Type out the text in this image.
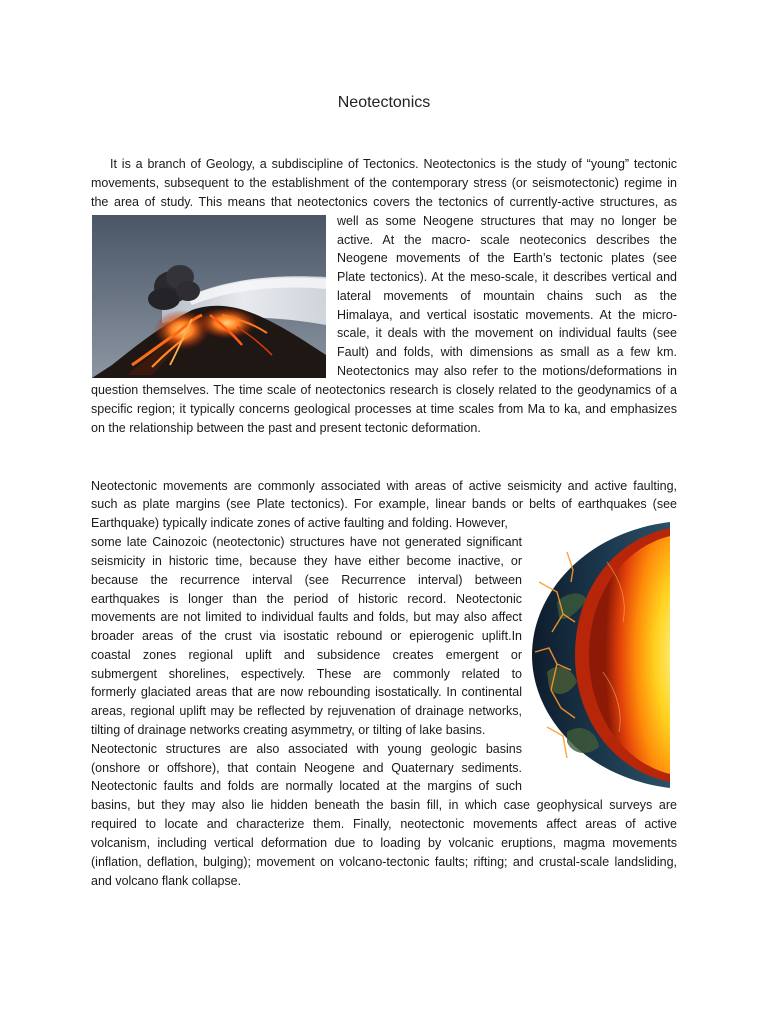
Neotectonics
It is a branch of Geology, a subdiscipline of Tectonics. Neotectonics is the study of “young” tectonic
movements, subsequent to the establishment of the contemporary stress (or seismotectonic) regime in
the area of study. This means that neotectonics covers the tectonics of currently-active structures, as
well as some Neogene structures that may no longer be
active. At the macro- scale neoteconics describes the
Neogene movements of the Earth’s tectonic plates (see
Plate tectonics). At the meso-scale, it describes vertical and
lateral movements of mountain chains such as the
Himalaya, and vertical isostatic movements. At the micro-
scale, it deals with the movement on individual faults (see
Fault) and folds, with dimensions as small as a few km.
Neotectonics may also refer to the motions/deformations in
question themselves. The time scale of neotectonics research is closely related to the geodynamics of a
specific region; it typically concerns geological processes at time scales from Ma to ka, and emphasizes
on the relationship between the past and present tectonic deformation.
Neotectonic movements are commonly associated with areas of active seismicity and active faulting,
such as plate margins (see Plate tectonics). For example, linear bands or belts of earthquakes (see
Earthquake) typically indicate zones of active faulting and folding. However,
some late Cainozoic (neotectonic) structures have not generated significant
seismicity in historic time, because they have either become inactive, or
because the recurrence interval (see Recurrence interval) between
earthquakes is longer than the period of historic record. Neotectonic
movements are not limited to individual faults and folds, but may also affect
broader areas of the crust via isostatic rebound or epierogenic uplift.In
coastal zones regional uplift and subsidence creates emergent or
submergent shorelines, espectively. These are commonly related to
formerly glaciated areas that are now rebounding isostatically. In continental
areas, regional uplift may be reflected by rejuvenation of drainage networks,
tilting of drainage networks creating asymmetry, or tilting of lake basins.
Neotectonic structures are also associated with young geologic basins
(onshore or offshore), that contain Neogene and Quaternary sediments.
Neotectonic faults and folds are normally located at the margins of such
basins, but they may also lie hidden beneath the basin fill, in which case geophysical surveys are
required to locate and characterize them. Finally, neotectonic movements affect areas of active
volcanism, including vertical deformation due to loading by volcanic eruptions, magma movements
(inflation, deflation, bulging); movement on volcano-tectonic faults; rifting; and crustal-scale landsliding,
and volcano flank collapse.
